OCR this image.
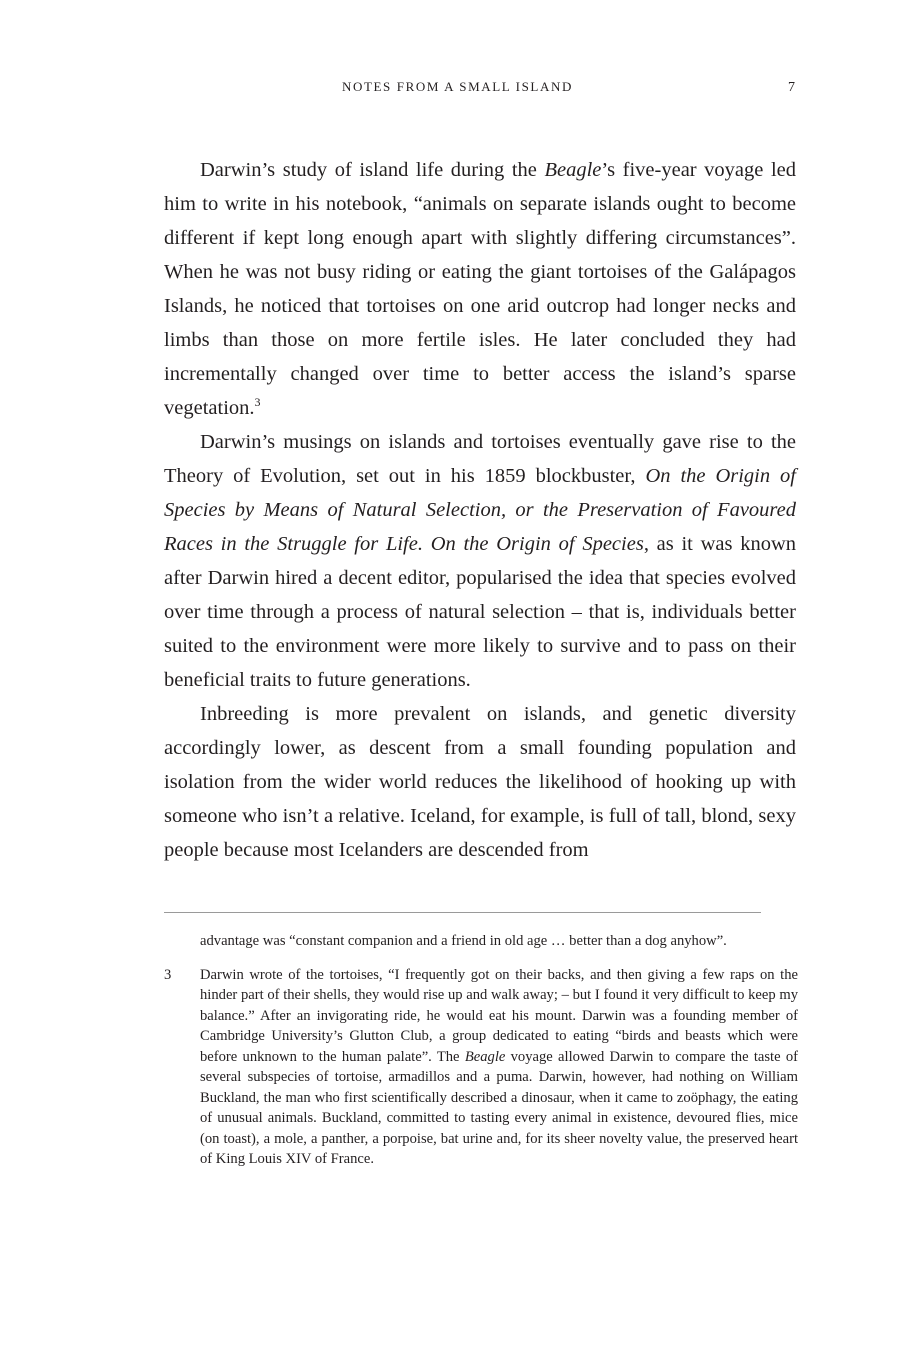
NOTES FROM A SMALL ISLAND	7

Darwin’s study of island life during the Beagle’s five-year voyage led him to write in his notebook, “animals on separate islands ought to become different if kept long enough apart with slightly differing circumstances”. When he was not busy riding or eating the giant tortoises of the Galápagos Islands, he noticed that tortoises on one arid outcrop had longer necks and limbs than those on more fertile isles. He later concluded they had incrementally changed over time to better access the island’s sparse vegetation.$^3$

Darwin’s musings on islands and tortoises eventually gave rise to the Theory of Evolution, set out in his 1859 blockbuster, On the Origin of Species by Means of Natural Selection, or the Preservation of Favoured Races in the Struggle for Life. On the Origin of Species, as it was known after Darwin hired a decent editor, popularised the idea that species evolved over time through a process of natural selection – that is, individuals better suited to the environment were more likely to survive and to pass on their beneficial traits to future generations.

Inbreeding is more prevalent on islands, and genetic diversity accordingly lower, as descent from a small founding population and isolation from the wider world reduces the likelihood of hooking up with someone who isn’t a relative. Iceland, for example, is full of tall, blond, sexy people because most Icelanders are descended from

advantage was “constant companion and a friend in old age … better than a dog anyhow”.
3 Darwin wrote of the tortoises, “I frequently got on their backs, and then giving a few raps on the hinder part of their shells, they would rise up and walk away; – but I found it very difficult to keep my balance.” After an invigorating ride, he would eat his mount. Darwin was a founding member of Cambridge University’s Glutton Club, a group dedicated to eating “birds and beasts which were before unknown to the human palate”. The Beagle voyage allowed Darwin to compare the taste of several subspecies of tortoise, armadillos and a puma. Darwin, however, had nothing on William Buckland, the man who first scientifically described a dinosaur, when it came to zoöphagy, the eating of unusual animals. Buckland, committed to tasting every animal in existence, devoured flies, mice (on toast), a mole, a panther, a porpoise, bat urine and, for its sheer novelty value, the preserved heart of King Louis XIV of France.
